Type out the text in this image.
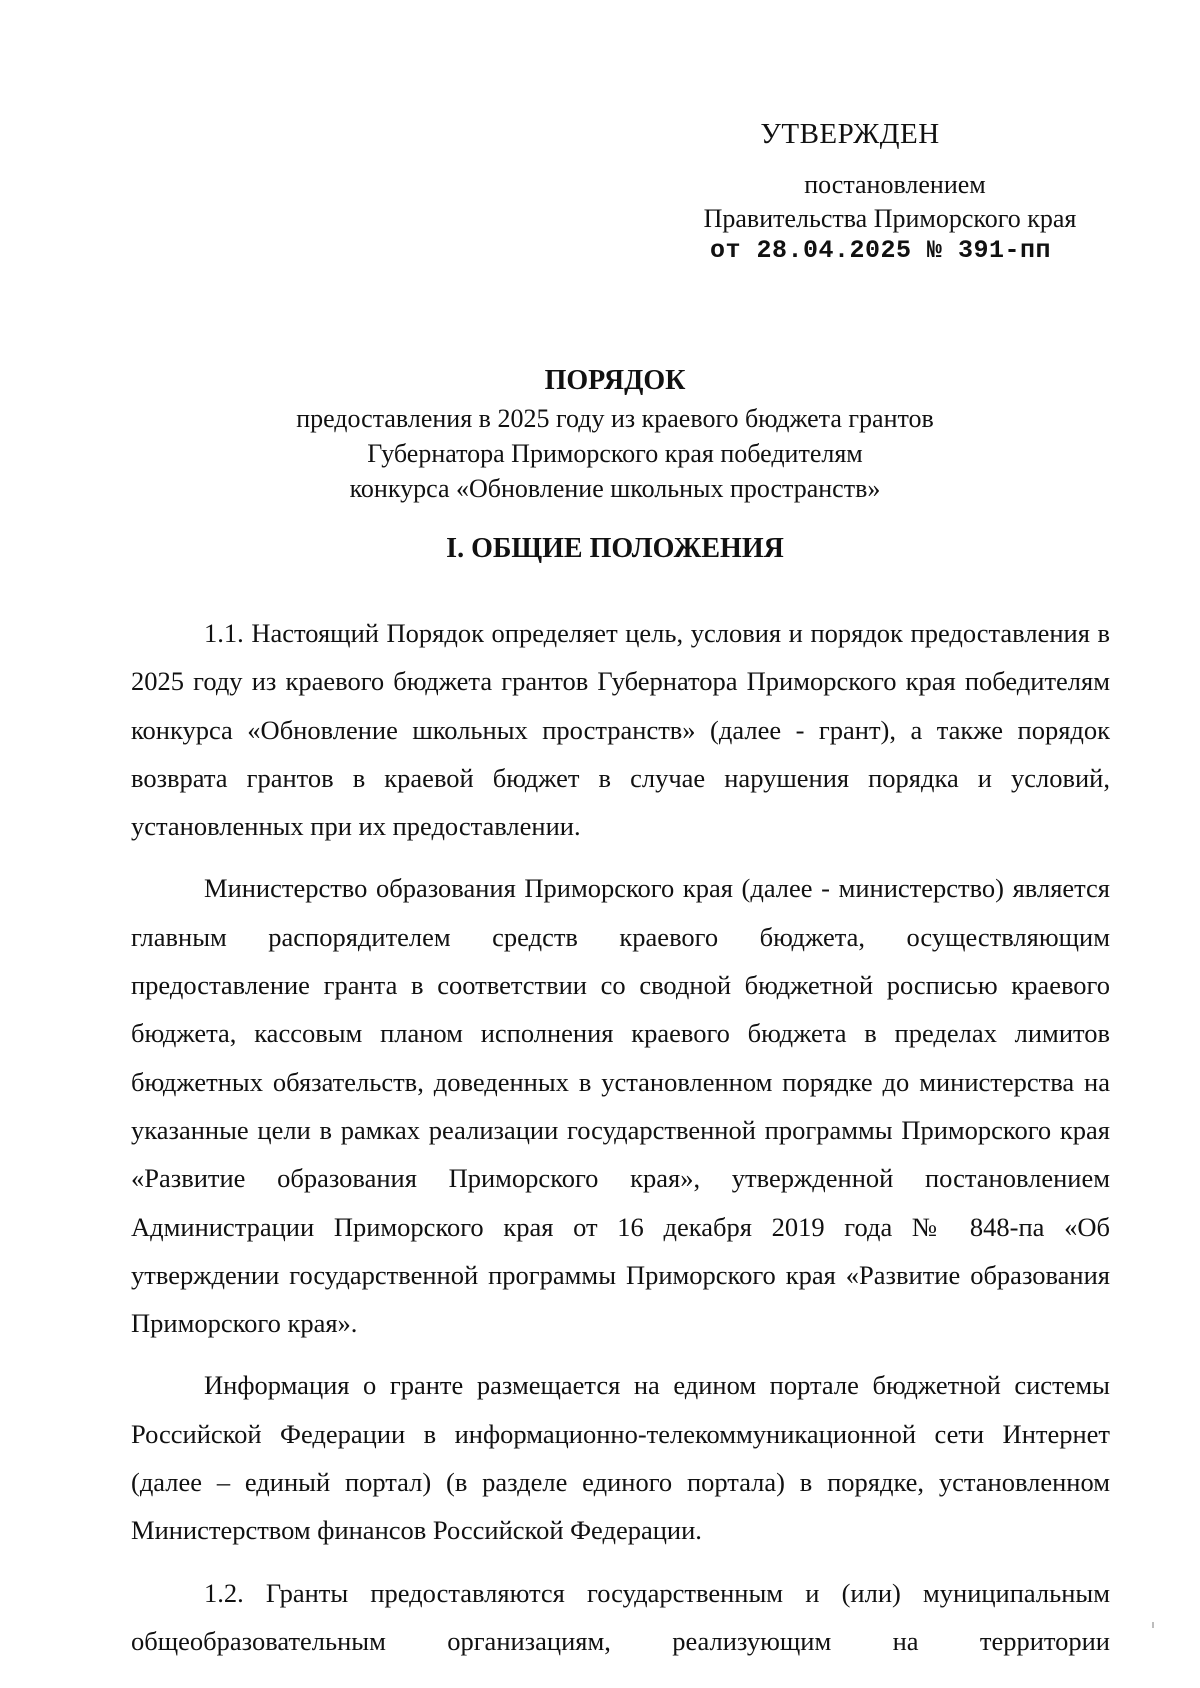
УТВЕРЖДЕН
постановлением
Правительства Приморского края
от 28.04.2025 № 391-пп
ПОРЯДОК
предоставления в 2025 году из краевого бюджета грантов
Губернатора Приморского края победителям
конкурса «Обновление школьных пространств»
I. ОБЩИЕ ПОЛОЖЕНИЯ

1.1. Настоящий Порядок определяет цель, условия и порядок предоставления в 2025 году из краевого бюджета грантов Губернатора Приморского края победителям конкурса «Обновление школьных пространств» (далее - грант), а также порядок возврата грантов в краевой бюджет в случае нарушения порядка и условий, установленных при их предоставлении.

Министерство образования Приморского края (далее - министерство) является главным распорядителем средств краевого бюджета, осуществляющим предоставление гранта в соответствии со сводной бюджетной росписью краевого бюджета, кассовым планом исполнения краевого бюджета в пределах лимитов бюджетных обязательств, доведенных в установленном порядке до министерства на указанные цели в рамках реализации государственной программы Приморского края «Развитие образования Приморского края», утвержденной постановлением Администрации Приморского края от 16 декабря 2019 года № 848-па «Об утверждении государственной программы Приморского края «Развитие образования Приморского края».

Информация о гранте размещается на едином портале бюджетной системы Российской Федерации в информационно-телекоммуникационной сети Интернет (далее – единый портал) (в разделе единого портала) в порядке, установленном Министерством финансов Российской Федерации.

1.2. Гранты предоставляются государственным и (или) муниципальным общеобразовательным организациям, реализующим на территории
